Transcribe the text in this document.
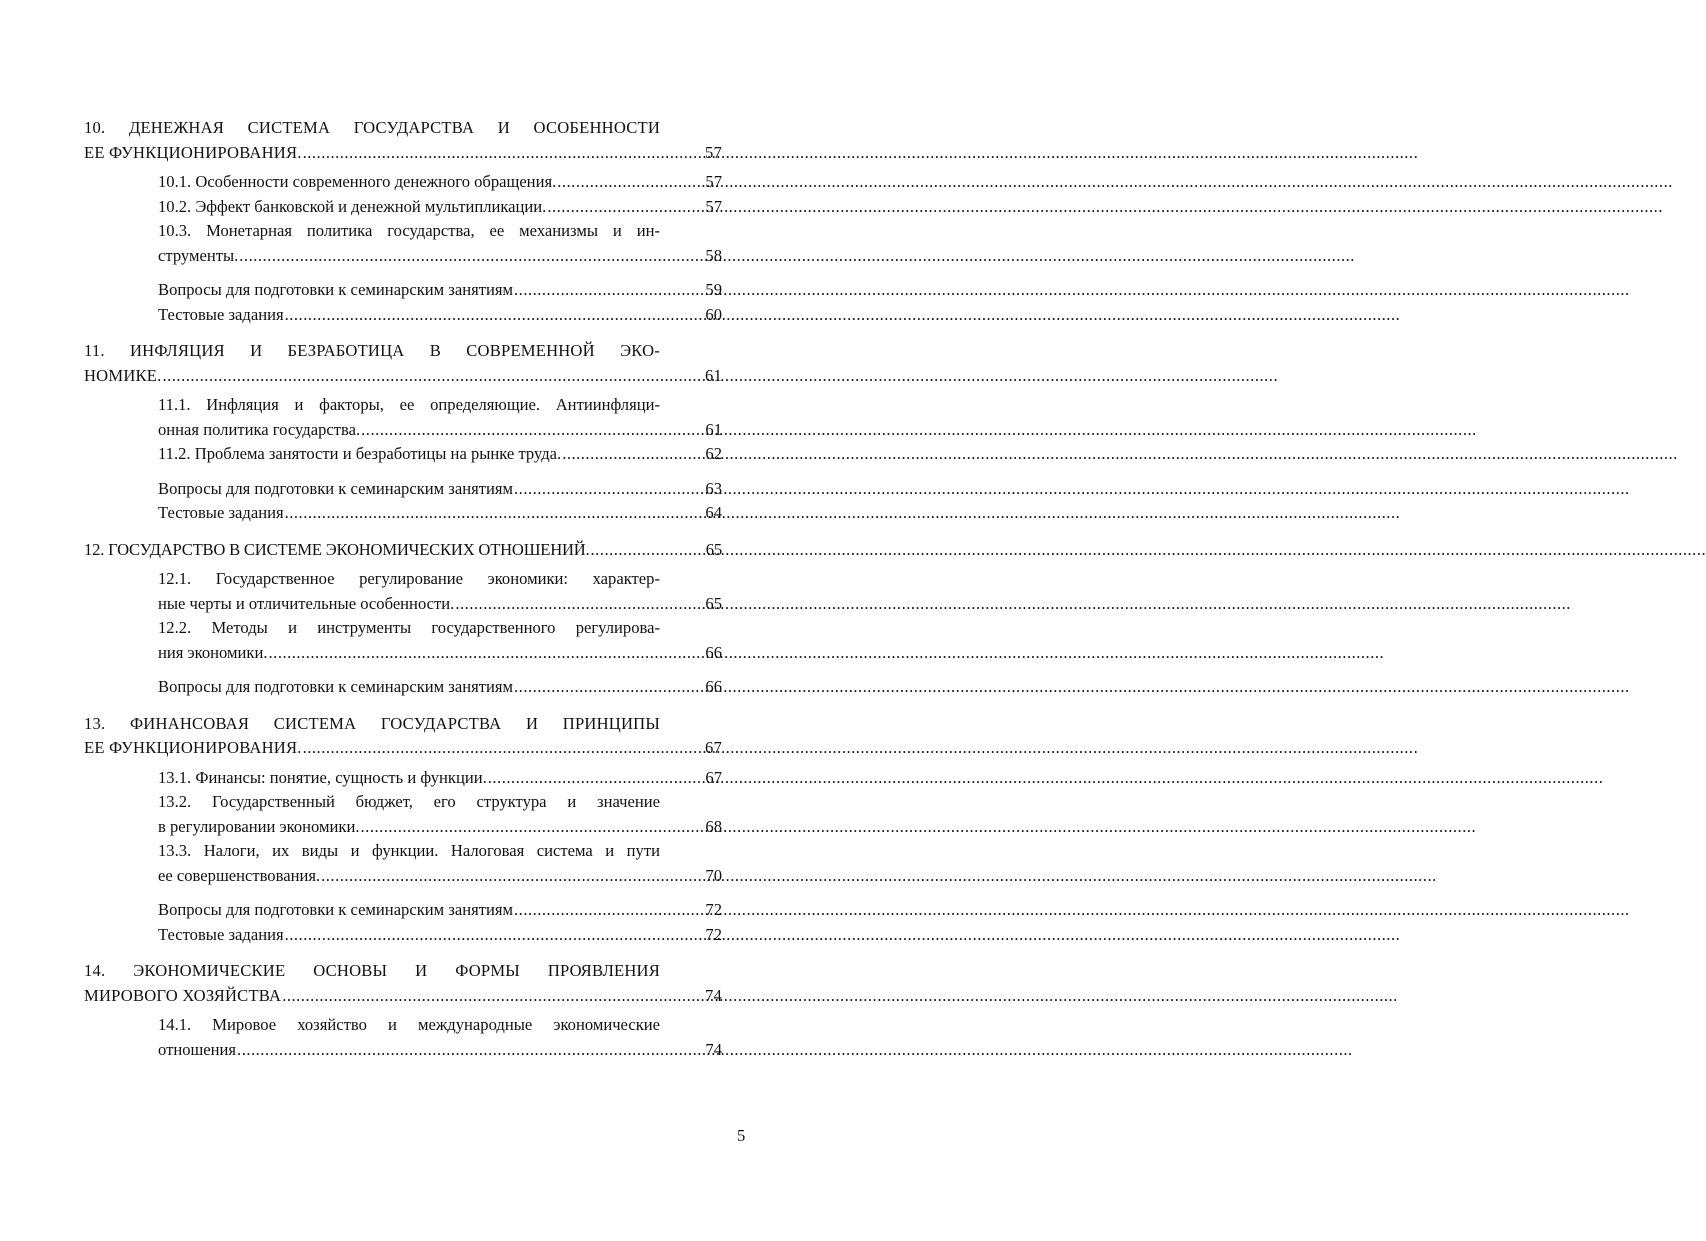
10. ДЕНЕЖНАЯ СИСТЕМА ГОСУДАРСТВА И ОСОБЕННОСТИ
ЕЕ ФУНКЦИОНИРОВАНИЯ. .....	57
10.1. Особенности современного денежного обращения. .....	57
10.2. Эффект банковской и денежной мультипликации. .....	57
10.3. Монетарная политика государства, ее механизмы и ин-
струменты. .....	58
Вопросы для подготовки к семинарским занятиям .....	59
Тестовые задания .....	60
11. ИНФЛЯЦИЯ И БЕЗРАБОТИЦА В СОВРЕМЕННОЙ ЭКО-
НОМИКЕ. .....	61
11.1. Инфляция и факторы, ее определяющие. Антиинфляци-
онная политика государства. .....	61
11.2. Проблема занятости и безработицы на рынке труда. .....	62
Вопросы для подготовки к семинарским занятиям .....	63
Тестовые задания .....	64
12. ГОСУДАРСТВО В СИСТЕМЕ ЭКОНОМИЧЕСКИХ ОТНОШЕНИЙ. .....	65
12.1. Государственное регулирование экономики: характер-
ные черты и отличительные особенности. .....	65
12.2. Методы и инструменты государственного регулирова-
ния экономики. .....	66
Вопросы для подготовки к семинарским занятиям .....	66
13. ФИНАНСОВАЯ СИСТЕМА ГОСУДАРСТВА И ПРИНЦИПЫ
ЕЕ ФУНКЦИОНИРОВАНИЯ. .....	67
13.1. Финансы: понятие, сущность и функции. .....	67
13.2. Государственный бюджет, его структура и значение
в регулировании экономики. .....	68
13.3. Налоги, их виды и функции. Налоговая система и пути
ее совершенствования. .....	70
Вопросы для подготовки к семинарским занятиям .....	72
Тестовые задания .....	72
14. ЭКОНОМИЧЕСКИЕ ОСНОВЫ И ФОРМЫ ПРОЯВЛЕНИЯ
МИРОВОГО ХОЗЯЙСТВА .....	74
14.1. Мировое хозяйство и международные экономические
отношения .....	74
5
